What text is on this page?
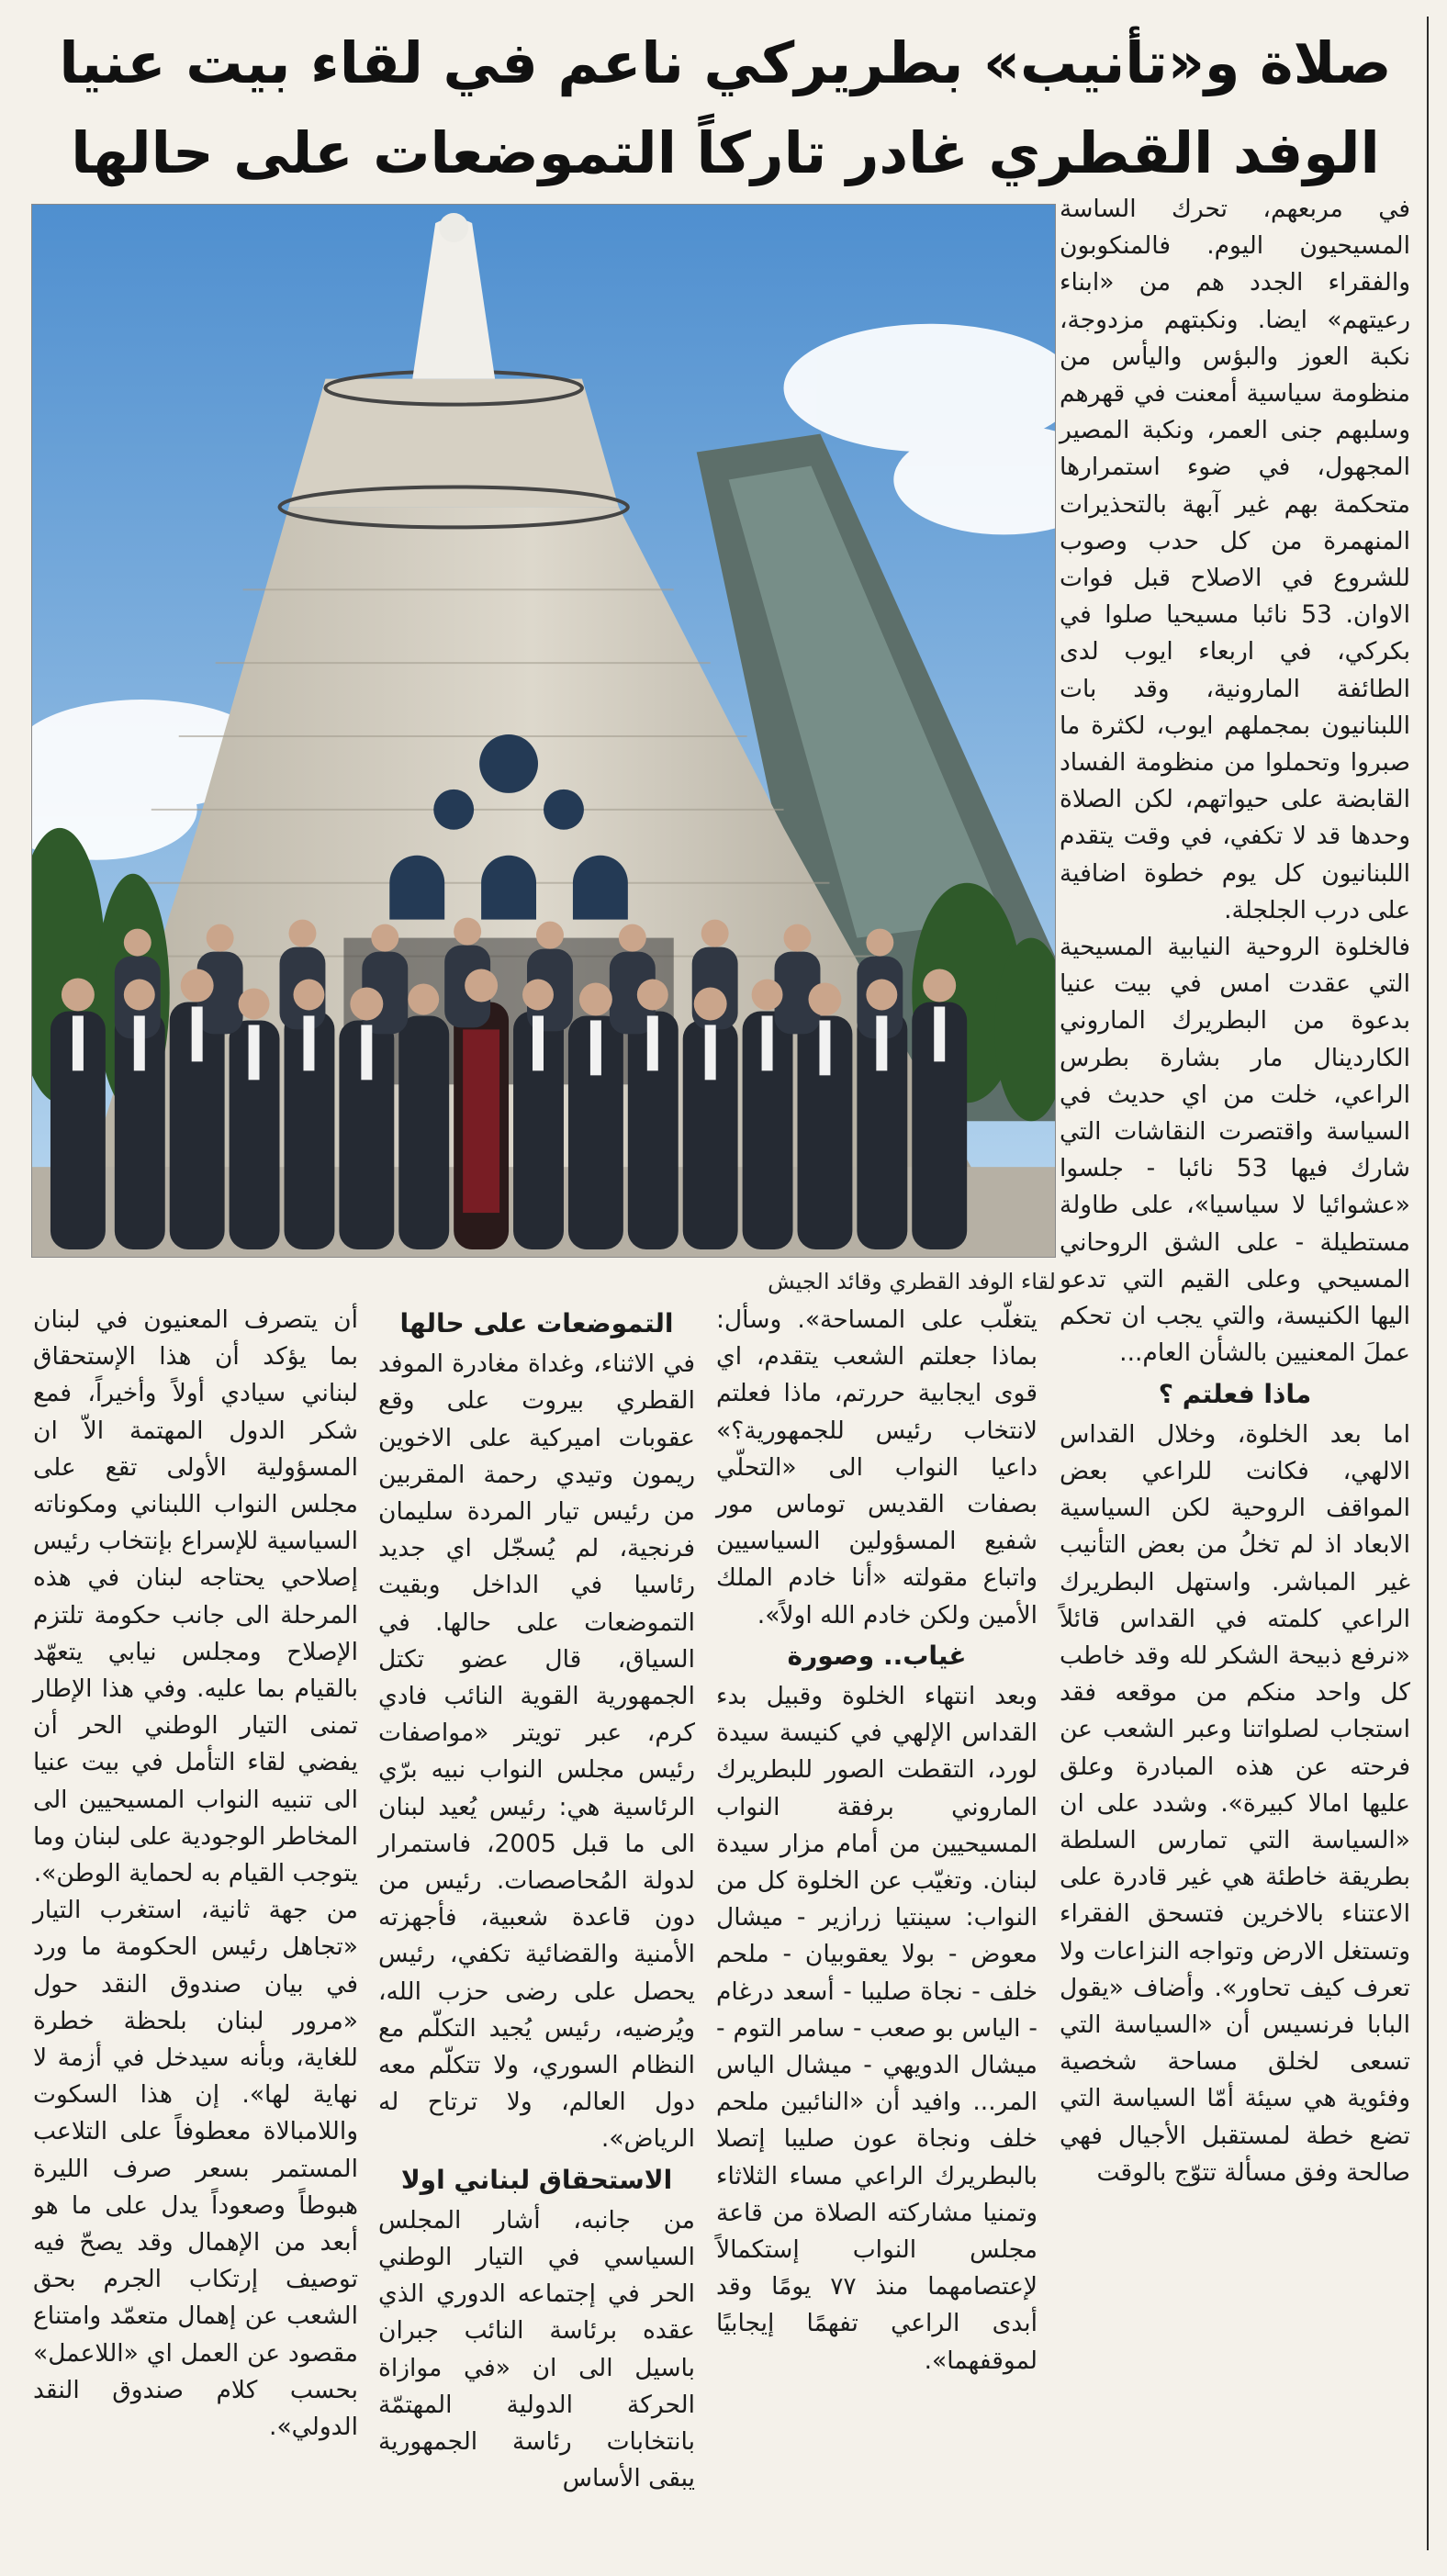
صلاة و«تأنيب» بطريركي ناعم في لقاء بيت عنيا
الوفد القطري غادر تاركاً التموضعات على حالها
لقاء الوفد القطري وقائد الجيش

في مربعهم، تحرك الساسة المسيحيون اليوم. فالمنكوبون والفقراء الجدد هم من «ابناء رعيتهم» ايضا. ونكبتهم مزدوجة، نكبة العوز والبؤس واليأس من منظومة سياسية أمعنت في قهرهم وسلبهم جنى العمر، ونكبة المصير المجهول، في ضوء استمرارها متحكمة بهم غير آبهة بالتحذيرات المنهمرة من كل حدب وصوب للشروع في الاصلاح قبل فوات الاوان. 53 نائبا مسيحيا صلوا في بكركي، في اربعاء ايوب لدى الطائفة المارونية، وقد بات اللبنانيون بمجملهم ايوب، لكثرة ما صبروا وتحملوا من منظومة الفساد القابضة على حيواتهم، لكن الصلاة وحدها قد لا تكفي، في وقت يتقدم اللبنانيون كل يوم خطوة اضافية على درب الجلجلة.

فالخلوة الروحية النيابية المسيحية التي عقدت امس في بيت عنيا بدعوة من البطريرك الماروني الكاردينال مار بشارة بطرس الراعي، خلت من اي حديث في السياسة واقتصرت النقاشات التي شارك فيها 53 نائبا - جلسوا «عشوائيا لا سياسيا»، على طاولة مستطيلة - على الشق الروحاني المسيحي وعلى القيم التي تدعو اليها الكنيسة، والتي يجب ان تحكم عملَ المعنيين بالشأن العام...

ماذا فعلتم ؟

اما بعد الخلوة، وخلال القداس الالهي، فكانت للراعي بعض المواقف الروحية لكن السياسية الابعاد اذ لم تخلُ من بعض التأنيب غير المباشر. واستهل البطريرك الراعي كلمته في القداس قائلاً «نرفع ذبيحة الشكر لله وقد خاطب كل واحد منكم من موقعه فقد استجاب لصلواتنا وعبر الشعب عن فرحته عن هذه المبادرة وعلق عليها امالا كبيرة». وشدد على ان «السياسة التي تمارس السلطة بطريقة خاطئة هي غير قادرة على الاعتناء بالاخرين فتسحق الفقراء وتستغل الارض وتواجه النزاعات ولا تعرف كيف تحاور». وأضاف «يقول البابا فرنسيس أن «السياسة التي تسعى لخلق مساحة شخصية وفئوية هي سيئة أمّا السياسة التي تضع خطة لمستقبل الأجيال فهي صالحة وفق مسألة تتوّج بالوقت

يتغلّب على المساحة». وسأل: بماذا جعلتم الشعب يتقدم، اي قوى ايجابية حررتم، ماذا فعلتم لانتخاب رئيس للجمهورية؟» داعيا النواب الى «التحلّي بصفات القديس توماس مور شفيع المسؤولين السياسيين واتباع مقولته «أنا خادم الملك الأمين ولكن خادم الله اولاً».

غياب.. وصورة

وبعد انتهاء الخلوة وقبيل بدء القداس الإلهي في كنيسة سيدة لورد، التقطت الصور للبطريرك الماروني برفقة النواب المسيحيين من أمام مزار سيدة لبنان. وتغيّب عن الخلوة كل من النواب: سينتيا زرازير - ميشال معوض - بولا يعقوبيان - ملحم خلف - نجاة صليبا - أسعد درغام - الياس بو صعب - سامر التوم - ميشال الدويهي - ميشال الياس المر... وافيد أن «النائبين ملحم خلف ونجاة عون صليبا إتصلا بالبطريرك الراعي مساء الثلاثاء وتمنيا مشاركته الصلاة من قاعة مجلس النواب إستكمالاً لإعتصامهما منذ ٧٧ يومًا وقد أبدى الراعي تفهمًا إيجابيًا لموقفهما».

التموضعات على حالها

في الاثناء، وغداة مغادرة الموفد القطري بيروت على وقع عقوبات اميركية على الاخوين ريمون وتيدي رحمة المقربين من رئيس تيار المردة سليمان فرنجية، لم يُسجّل اي جديد رئاسيا في الداخل وبقيت التموضعات على حالها. في السياق، قال عضو تكتل الجمهورية القوية النائب فادي كرم، عبر تويتر «مواصفات رئيس مجلس النواب نبيه برّي الرئاسية هي: رئيس يُعيد لبنان الى ما قبل 2005، فاستمرار لدولة المُحاصصات. رئيس من دون قاعدة شعبية، فأجهزته الأمنية والقضائية تكفي، رئيس يحصل على رضى حزب الله، ويُرضيه، رئيس يُجيد التكلّم مع النظام السوري، ولا تتكلّم معه دول العالم، ولا ترتاح له الرياض».

الاستحقاق لبناني اولا

من جانبه، أشار المجلس السياسي في التيار الوطني الحر في إجتماعه الدوري الذي عقده برئاسة النائب جبران باسيل الى ان «في موازاة الحركة الدولية المهتمّة بانتخابات رئاسة الجمهورية يبقى الأساس

أن يتصرف المعنيون في لبنان بما يؤكد أن هذا الإستحقاق لبناني سيادي أولاً وأخيراً، فمع شكر الدول المهتمة الاّ ان المسؤولية الأولى تقع على مجلس النواب اللبناني ومكوناته السياسية للإسراع بإنتخاب رئيس إصلاحي يحتاجه لبنان في هذه المرحلة الى جانب حكومة تلتزم الإصلاح ومجلس نيابي يتعهّد بالقيام بما عليه. وفي هذا الإطار تمنى التيار الوطني الحر أن يفضي لقاء التأمل في بيت عنيا الى تنبيه النواب المسيحيين الى المخاطر الوجودية على لبنان وما يتوجب القيام به لحماية الوطن».

من جهة ثانية، استغرب التيار «تجاهل رئيس الحكومة ما ورد في بيان صندوق النقد حول «مرور لبنان بلحظة خطرة للغاية، وبأنه سيدخل في أزمة لا نهاية لها». إن هذا السكوت واللامبالاة معطوفاً على التلاعب المستمر بسعر صرف الليرة هبوطاً وصعوداً يدل على ما هو أبعد من الإهمال وقد يصحّ فيه توصيف إرتكاب الجرم بحق الشعب عن إهمال متعمّد وامتناع مقصود عن العمل اي «اللاعمل» بحسب كلام صندوق النقد الدولي».
